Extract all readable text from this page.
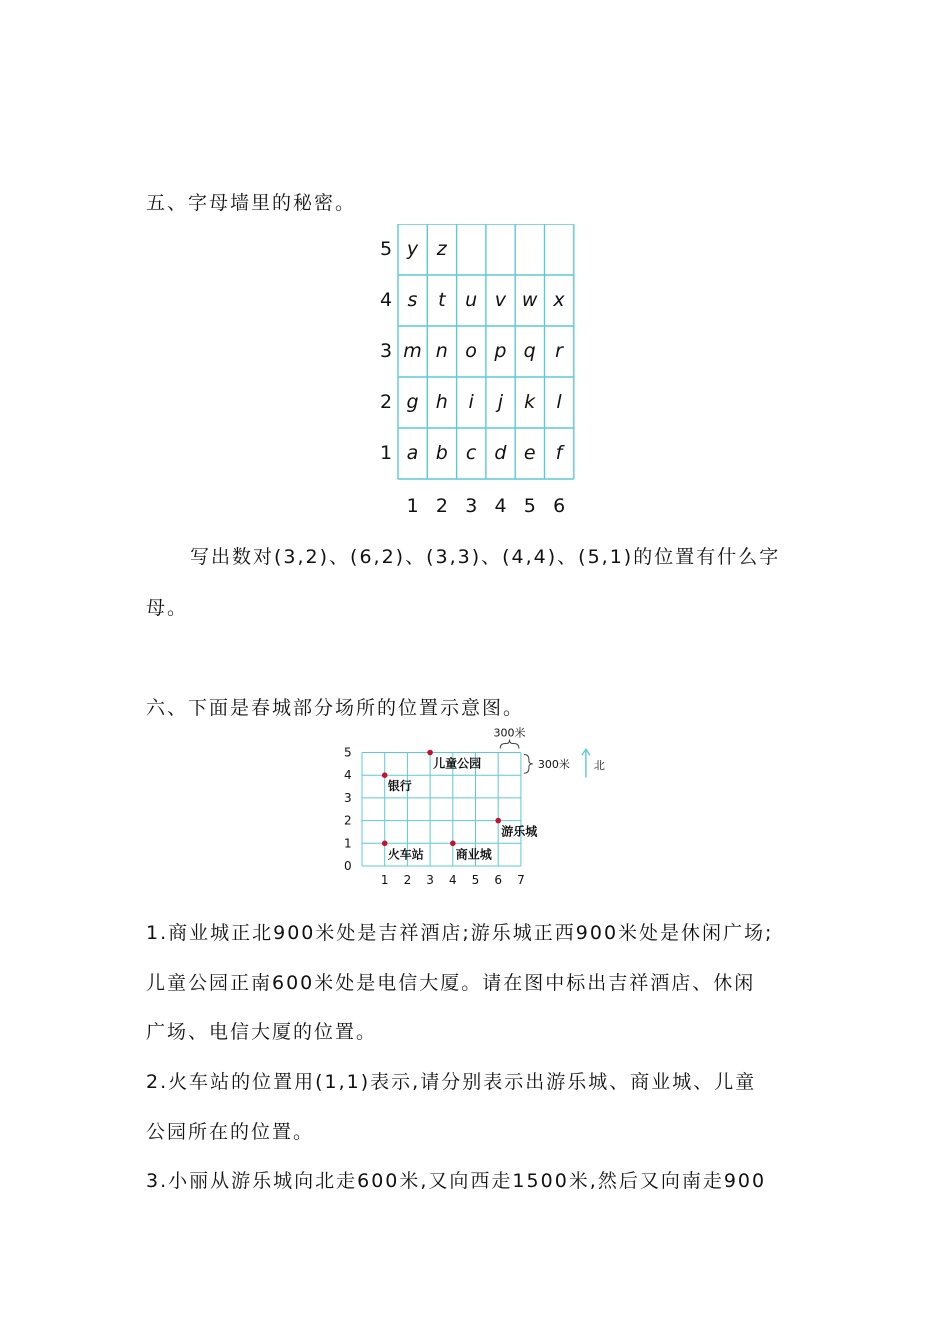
五、字母墙里的秘密。
5 y z
4 s	t	u v w x
3 m n o p q	r
2 g h	i	j	k	l
1 a b c d e	f
1 2 3 4 5 6
写出数对(3,2)、(6,2)、(3,3)、(4,4)、(5,1)的位置有什么字
母。
六、下面是春城部分场所的位置示意图。
5
4
3
2
1
0
1 2 3 4 5 6 7
300米
300米 北
儿童公园
银行
游乐城
火车站	商业城
1.商业城正北900米处是吉祥酒店;游乐城正西900米处是休闲广场;
儿童公园正南600米处是电信大厦。请在图中标出吉祥酒店、休闲
广场、电信大厦的位置。
2.火车站的位置用(1,1)表示,请分别表示出游乐城、商业城、儿童
公园所在的位置。
3.小丽从游乐城向北走600米,又向西走1500米,然后又向南走900
